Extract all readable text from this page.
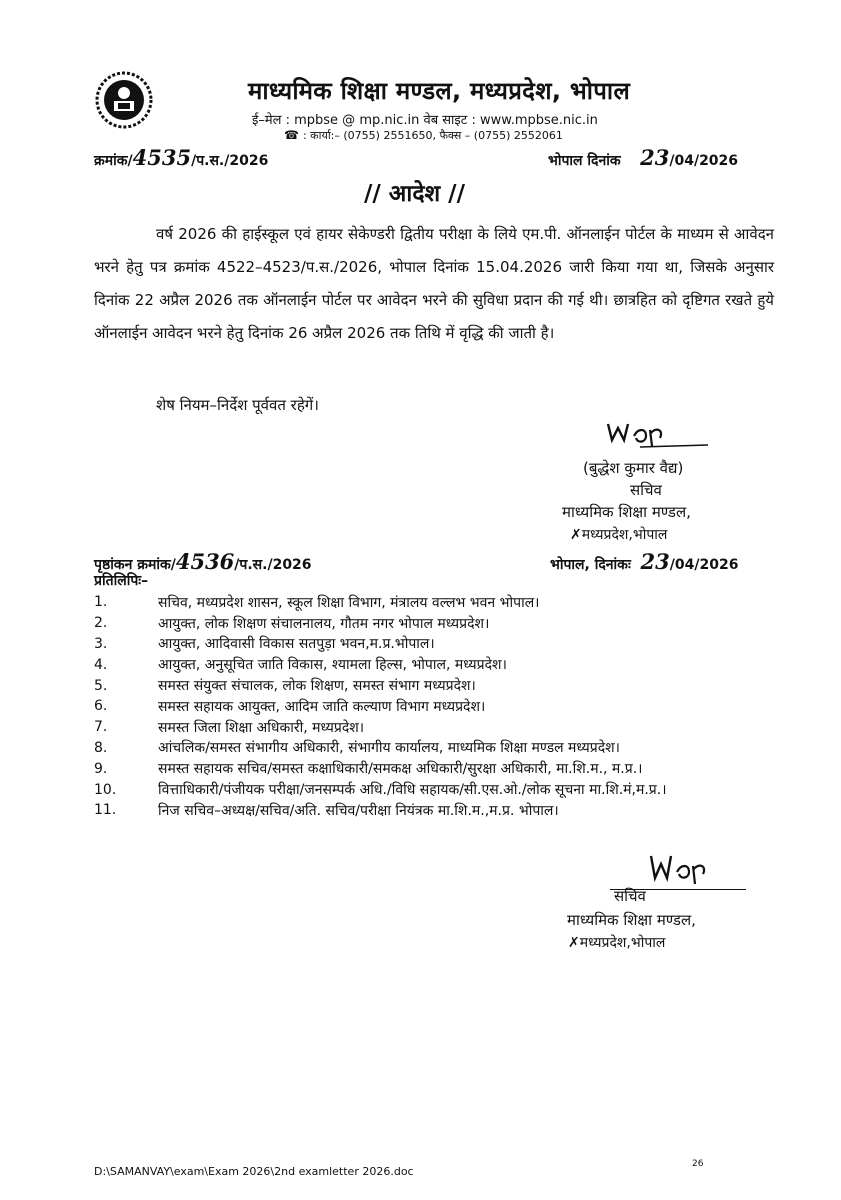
माध्यमिक शिक्षा मण्डल, मध्यप्रदेश, भोपाल
ई–मेल : mpbse @ mp.nic.in वेब साइट : www.mpbse.nic.in
☎ : कार्या:– (0755) 2551650, फैक्स – (0755) 2552061
क्रमांक/4535/प.स./2026	भोपाल दिनांक 23/04/2026
// आदेश //
वर्ष 2026 की हाईस्कूल एवं हायर सेकेण्डरी द्वितीय परीक्षा के लिये एम.पी. ऑनलाईन पोर्टल के माध्यम से आवेदन भरने हेतु पत्र क्रमांक 4522–4523/प.स./2026, भोपाल दिनांक 15.04.2026 जारी किया गया था, जिसके अनुसार दिनांक 22 अप्रैल 2026 तक ऑनलाईन पोर्टल पर आवेदन भरने की सुविधा प्रदान की गई थी। छात्रहित को दृष्टिगत रखते हुये ऑनलाईन आवेदन भरने हेतु दिनांक 26 अप्रैल 2026 तक तिथि में वृद्धि की जाती है।
शेष नियम–निर्देश पूर्ववत रहेगें।
(बुद्धेश कुमार वैद्य)
सचिव
माध्यमिक शिक्षा मण्डल,
✗मध्यप्रदेश,भोपाल
पृष्ठांकन क्रमांक/4536/प.स./2026	भोपाल, दिनांकः 23/04/2026
प्रतिलिपिः–
1.	सचिव, मध्यप्रदेश शासन, स्कूल शिक्षा विभाग, मंत्रालय वल्लभ भवन भोपाल।
2.	आयुक्त, लोक शिक्षण संचालनालय, गौतम नगर भोपाल मध्यप्रदेश।
3.	आयुक्त, आदिवासी विकास सतपुड़ा भवन,म.प्र.भोपाल।
4.	आयुक्त, अनुसूचित जाति विकास, श्यामला हिल्स, भोपाल, मध्यप्रदेश।
5.	समस्त संयुक्त संचालक, लोक शिक्षण, समस्त संभाग मध्यप्रदेश।
6.	समस्त सहायक आयुक्त, आदिम जाति कल्याण विभाग मध्यप्रदेश।
7.	समस्त जिला शिक्षा अधिकारी, मध्यप्रदेश।
8.	आंचलिक/समस्त संभागीय अधिकारी, संभागीय कार्यालय, माध्यमिक शिक्षा मण्डल मध्यप्रदेश।
9.	समस्त सहायक सचिव/समस्त कक्षाधिकारी/समकक्ष अधिकारी/सुरक्षा अधिकारी, मा.शि.म., म.प्र.।
10.	वित्ताधिकारी/पंजीयक परीक्षा/जनसम्पर्क अधि./विधि सहायक/सी.एस.ओ./लोक सूचना मा.शि.मं,म.प्र.।
11.	निज सचिव–अध्यक्ष/सचिव/अति. सचिव/परीक्षा नियंत्रक मा.शि.म.,म.प्र. भोपाल।
सचिव
माध्यमिक शिक्षा मण्डल,
✗मध्यप्रदेश,भोपाल
D:\SAMANVAY\exam\Exam 2026\2nd examletter 2026.doc
26
